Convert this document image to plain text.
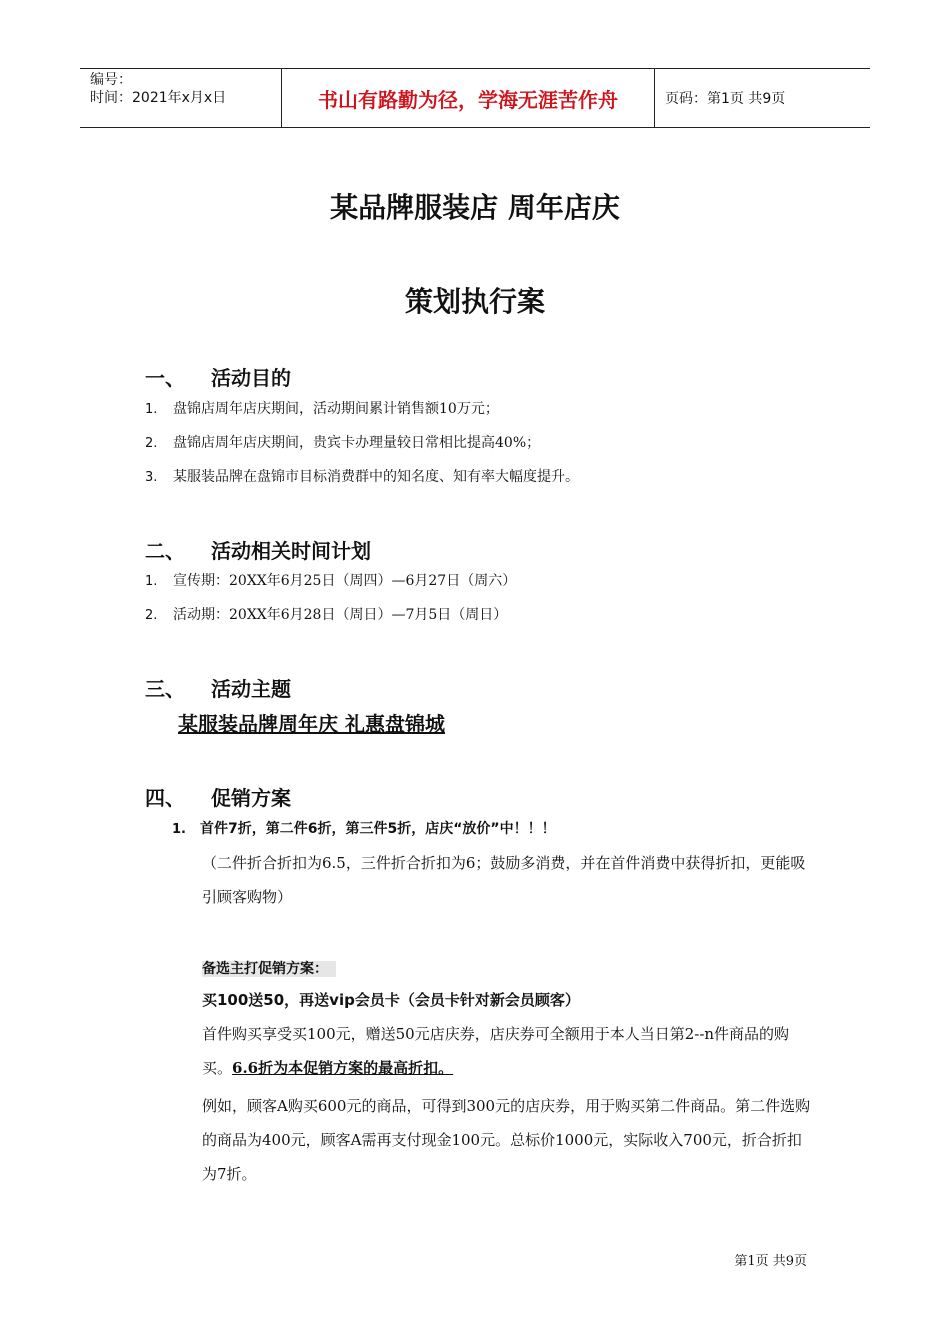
编号：
时间：2021年x月x日	书山有路勤为径，学海无涯苦作舟	页码：第1页 共9页
某品牌服装店 周年店庆
策划执行案
一、 活动目的
1. 盘锦店周年店庆期间，活动期间累计销售额10万元；
2. 盘锦店周年店庆期间，贵宾卡办理量较日常相比提高40%；
3. 某服装品牌在盘锦市目标消费群中的知名度、知有率大幅度提升。
二、 活动相关时间计划
1. 宣传期：20XX年6月25日（周四）—6月27日（周六）
2. 活动期：20XX年6月28日（周日）—7月5日（周日）
三、 活动主题
某服装品牌周年庆 礼惠盘锦城
四、 促销方案
1. 首件7折，第二件6折，第三件5折，店庆“放价”中！！！
（二件折合折扣为6.5，三件折合折扣为6；鼓励多消费，并在首件消费中获得折扣，更能吸引顾客购物）
备选主打促销方案：
买100送50，再送vip会员卡（会员卡针对新会员顾客）
首件购买享受买100元，赠送50元店庆券，店庆券可全额用于本人当日第2--n件商品的购买。6.6折为本促销方案的最高折扣。
例如，顾客A购买600元的商品，可得到300元的店庆券，用于购买第二件商品。第二件选购的商品为400元，顾客A需再支付现金100元。总标价1000元，实际收入700元，折合折扣为7折。
第1页 共9页
